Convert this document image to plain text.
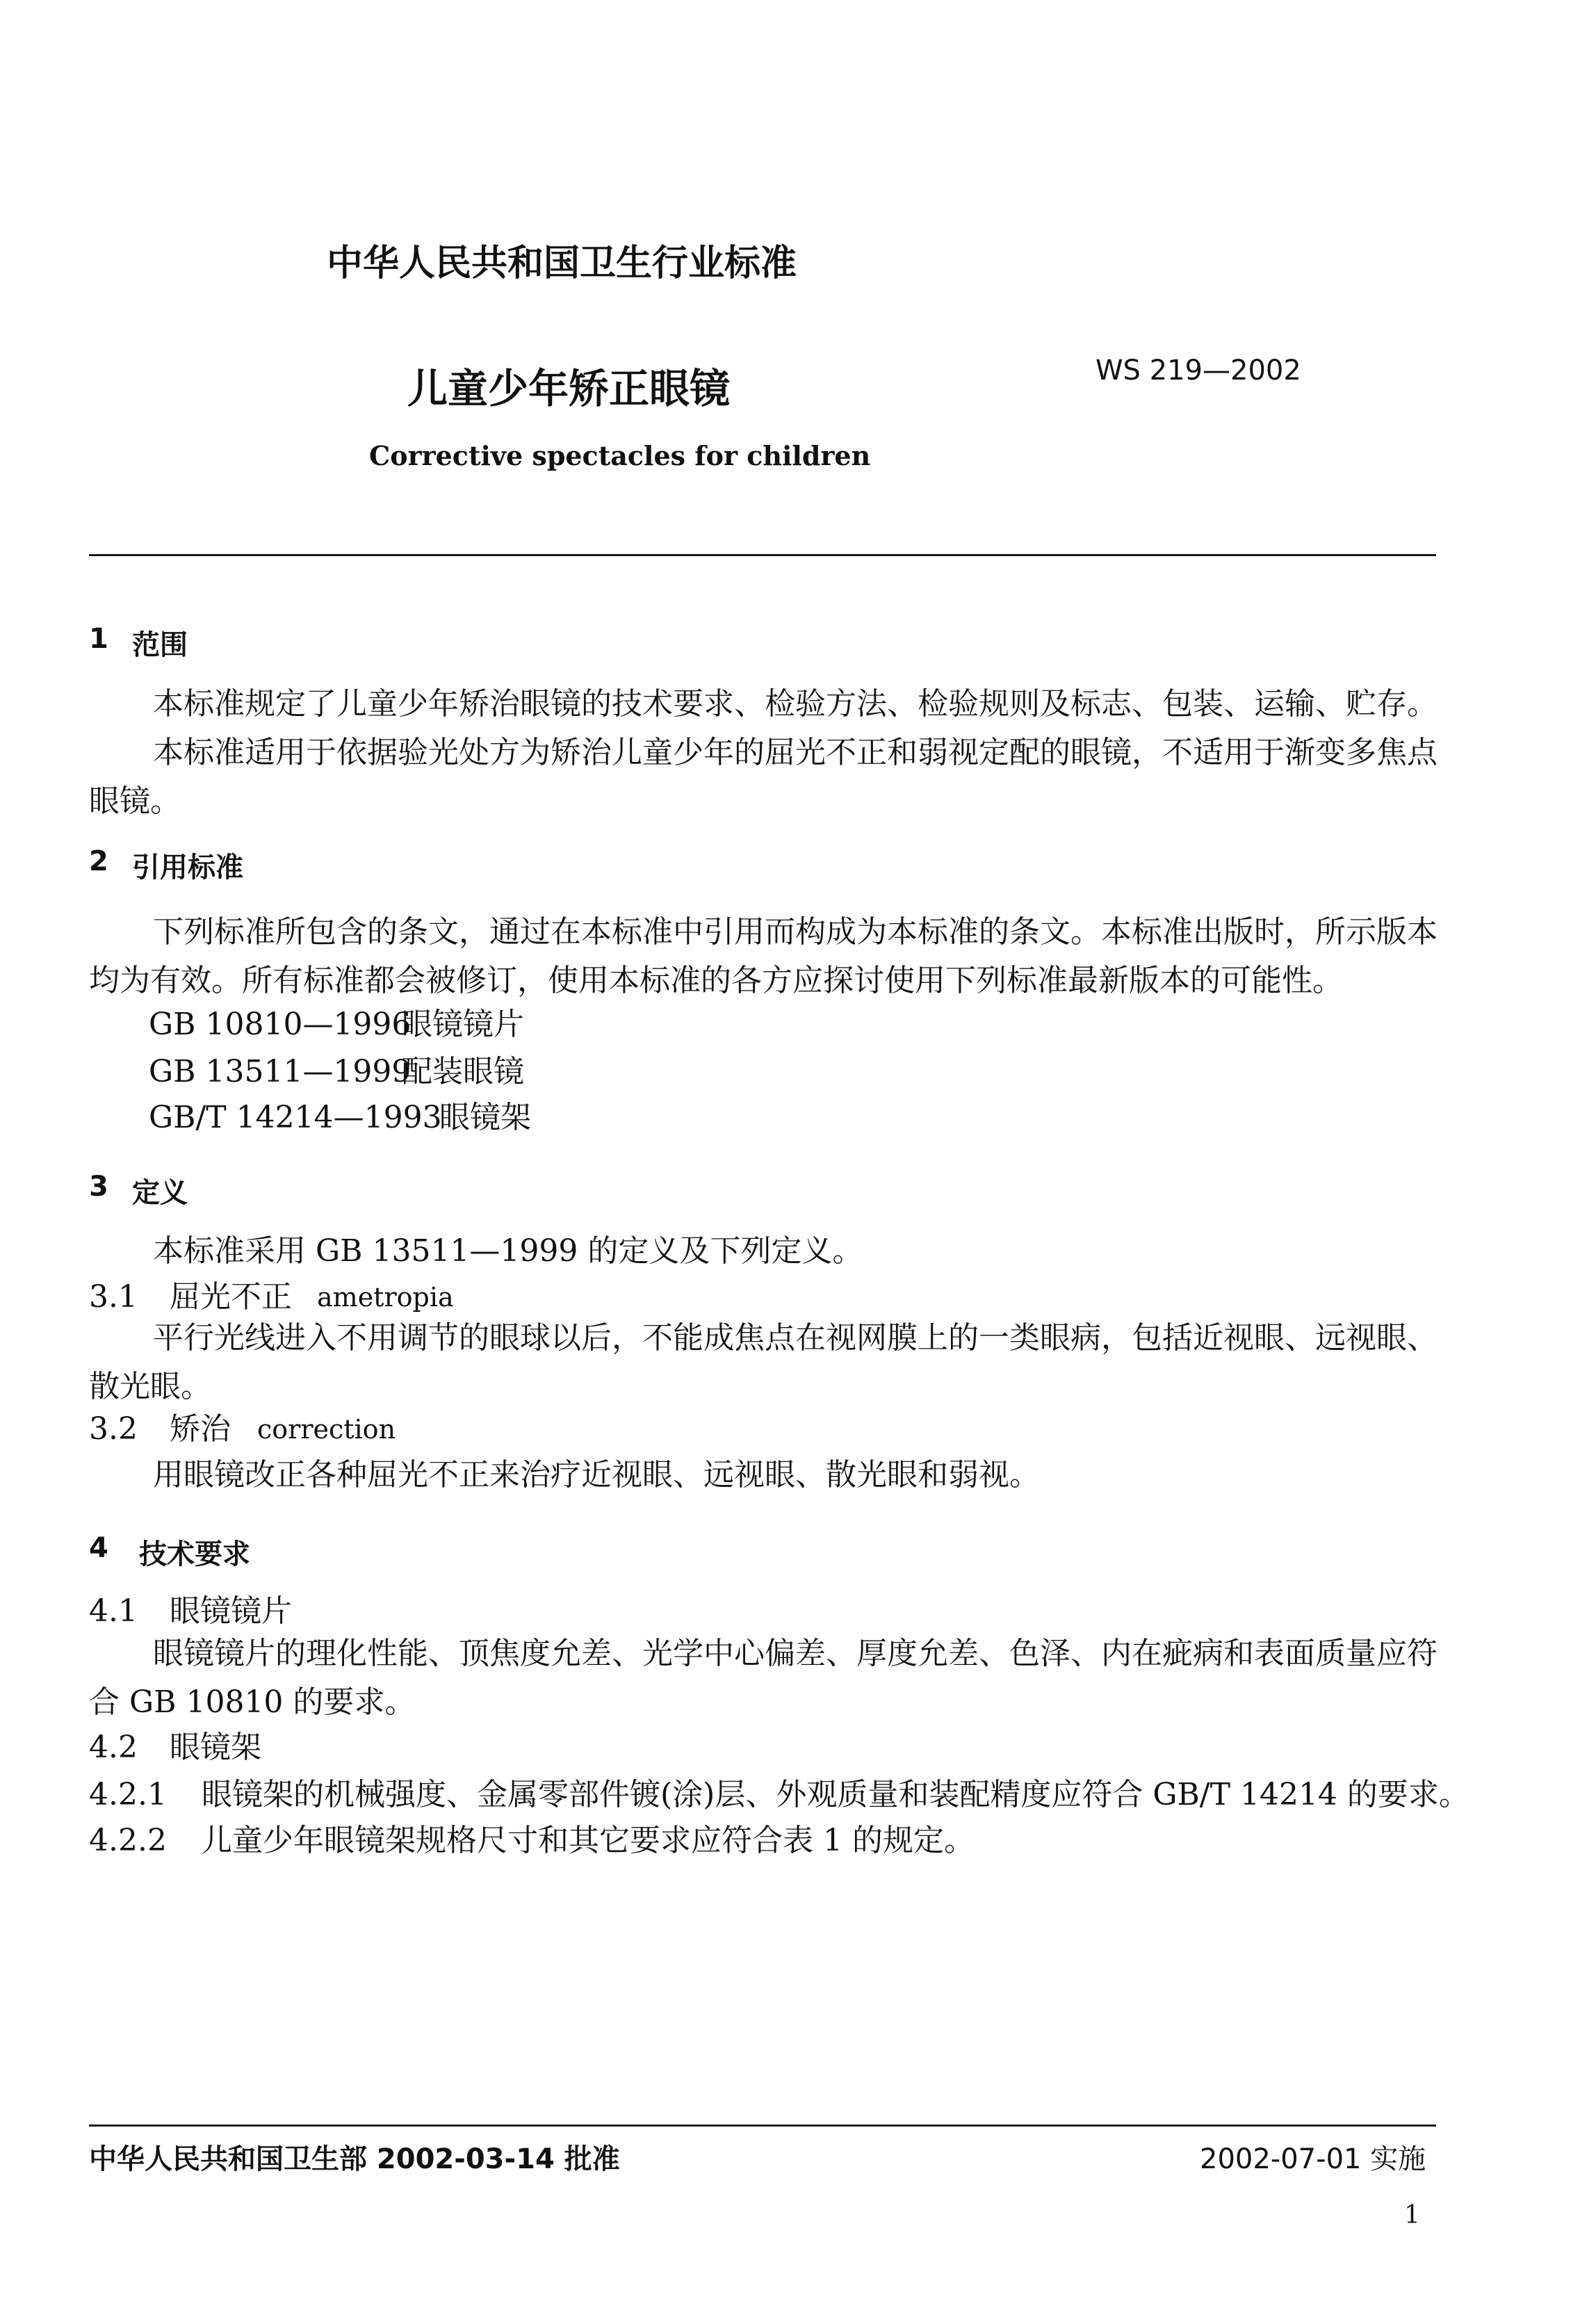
中华人民共和国卫生行业标准
儿童少年矫正眼镜	WS 219—2002
Corrective spectacles for children
1 范围
本标准规定了儿童少年矫治眼镜的技术要求、检验方法、检验规则及标志、包装、运输、贮存。
本标准适用于依据验光处方为矫治儿童少年的屈光不正和弱视定配的眼镜，不适用于渐变多焦点眼镜。
2 引用标准
下列标准所包含的条文，通过在本标准中引用而构成为本标准的条文。本标准出版时，所示版本均为有效。所有标准都会被修订，使用本标准的各方应探讨使用下列标准最新版本的可能性。
GB 10810—1996
眼镜镜片
GB 13511—1999
配装眼镜
GB/T 14214—1993
眼镜架
3 定义
本标准采用 GB 13511—1999 的定义及下列定义。
3.1 屈光不正 ametropia
平行光线进入不用调节的眼球以后，不能成焦点在视网膜上的一类眼病，包括近视眼、远视眼、散光眼。
3.2 矫治 correction
用眼镜改正各种屈光不正来治疗近视眼、远视眼、散光眼和弱视。
4 技术要求
4.1 眼镜镜片
眼镜镜片的理化性能、顶焦度允差、光学中心偏差、厚度允差、色泽、内在疵病和表面质量应符合 GB 10810 的要求。
4.2 眼镜架
4.2.1 眼镜架的机械强度、金属零部件镀(涂)层、外观质量和装配精度应符合 GB/T 14214 的要求。
4.2.2 儿童少年眼镜架规格尺寸和其它要求应符合表 1 的规定。
中华人民共和国卫生部 2002-03-14 批准	2002-07-01 实施
1
